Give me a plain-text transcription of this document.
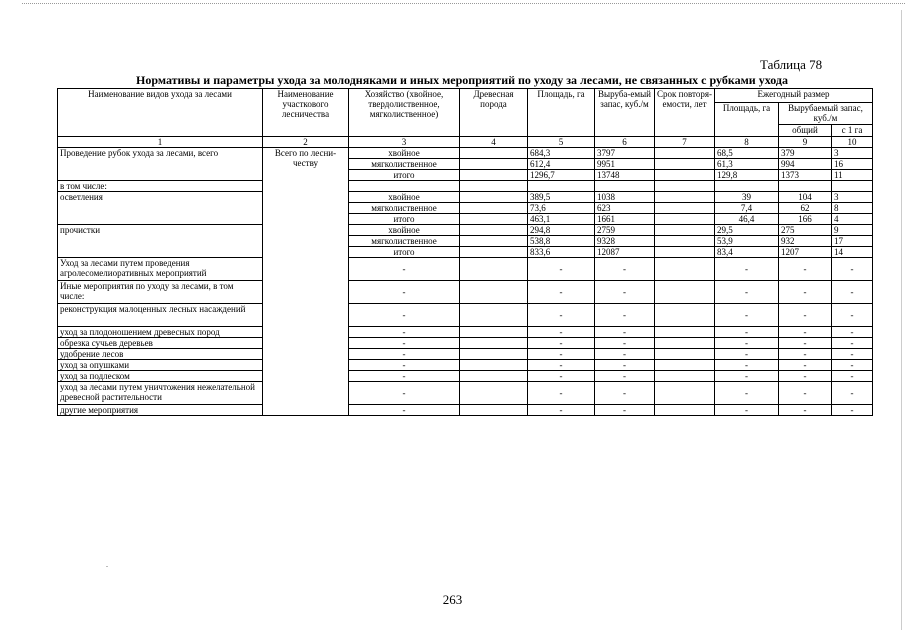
Таблица 78

Нормативы и параметры ухода за молодняками и иных мероприятий по уходу за лесами, не связанных с рубками ухода

Наименование видов ухода за лесами	Наименование участкового лесничества	Хозяйство (хвойное, твердолиственное, мягколиственное)	Древесная порода	Площадь, га	Выруба-емый запас, куб./м	Срок повторя-емости, лет	Ежегодный размер		
							Площадь, га	Вырубаемый запас, куб./м	
								общий	с 1 га
1	2	3	4	5	6	7	8	9	10
Проведение рубок ухода за лесами, всего	Всего по лесни-честву	хвойное		684,3	3797		68,5	379	3
		мягколиственное		612,4	9951		61,3	994	16
		итого		1296,7	13748		129,8	1373	11
в том числе:									
осветления		хвойное		389,5	1038		39	104	3
		мягколиственное		73,6	623		7,4	62	8
		итого		463,1	1661		46,4	166	4
прочистки		хвойное		294,8	2759		29,5	275	9
		мягколиственное		538,8	9328		53,9	932	17
		итого		833,6	12087		83,4	1207	14
Уход за лесами путем проведения агролесомелиоративных мероприятий		-		-	-		-	-	-
Иные мероприятия по уходу за лесами, в том числе:		-		-	-		-	-	-
реконструкция малоценных лесных насаждений		-		-	-		-	-	-
уход за плодоношением древесных пород		-		-	-		-	-	-
обрезка сучьев деревьев		-		-	-		-	-	-
удобрение лесов		-		-	-		-	-	-
уход за опушками		-		-	-		-	-	-
уход за подлеском		-		-	-		-	-	-
уход за лесами путем уничтожения нежелательной древесной растительности		-		-	-		-	-	-
другие мероприятия		-		-	-		-	-	-

263
